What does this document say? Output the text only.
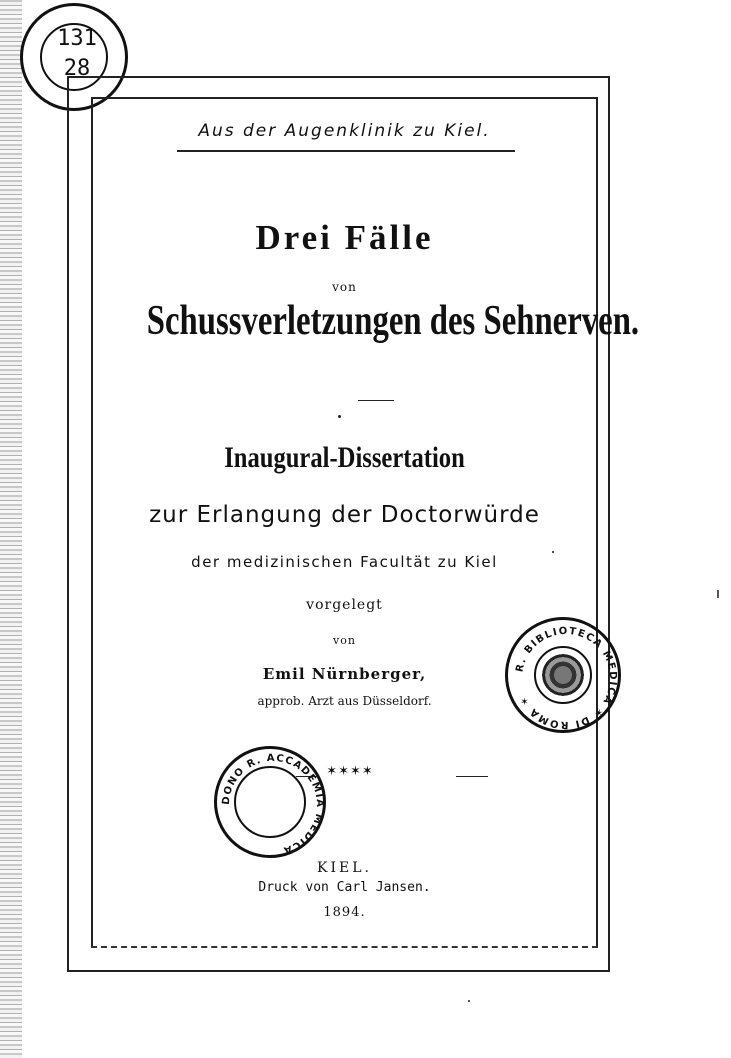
131
28
Aus der Augenklinik zu Kiel.
Drei Fälle
von
Schussverletzungen des Sehnerven.
Inaugural-Dissertation
zur Erlangung der Doctorwürde
der medizinischen Facultät zu Kiel
vorgelegt
von
Emil Nürnberger,
approb. Arzt aus Düsseldorf.
R. BIBLIOTECA MEDICA ✶ DI ROMA ✶
✶✶✶✶
DONO R. ACCADEMIA MEDICA
KIEL.
Druck von Carl Jansen.
1894.
